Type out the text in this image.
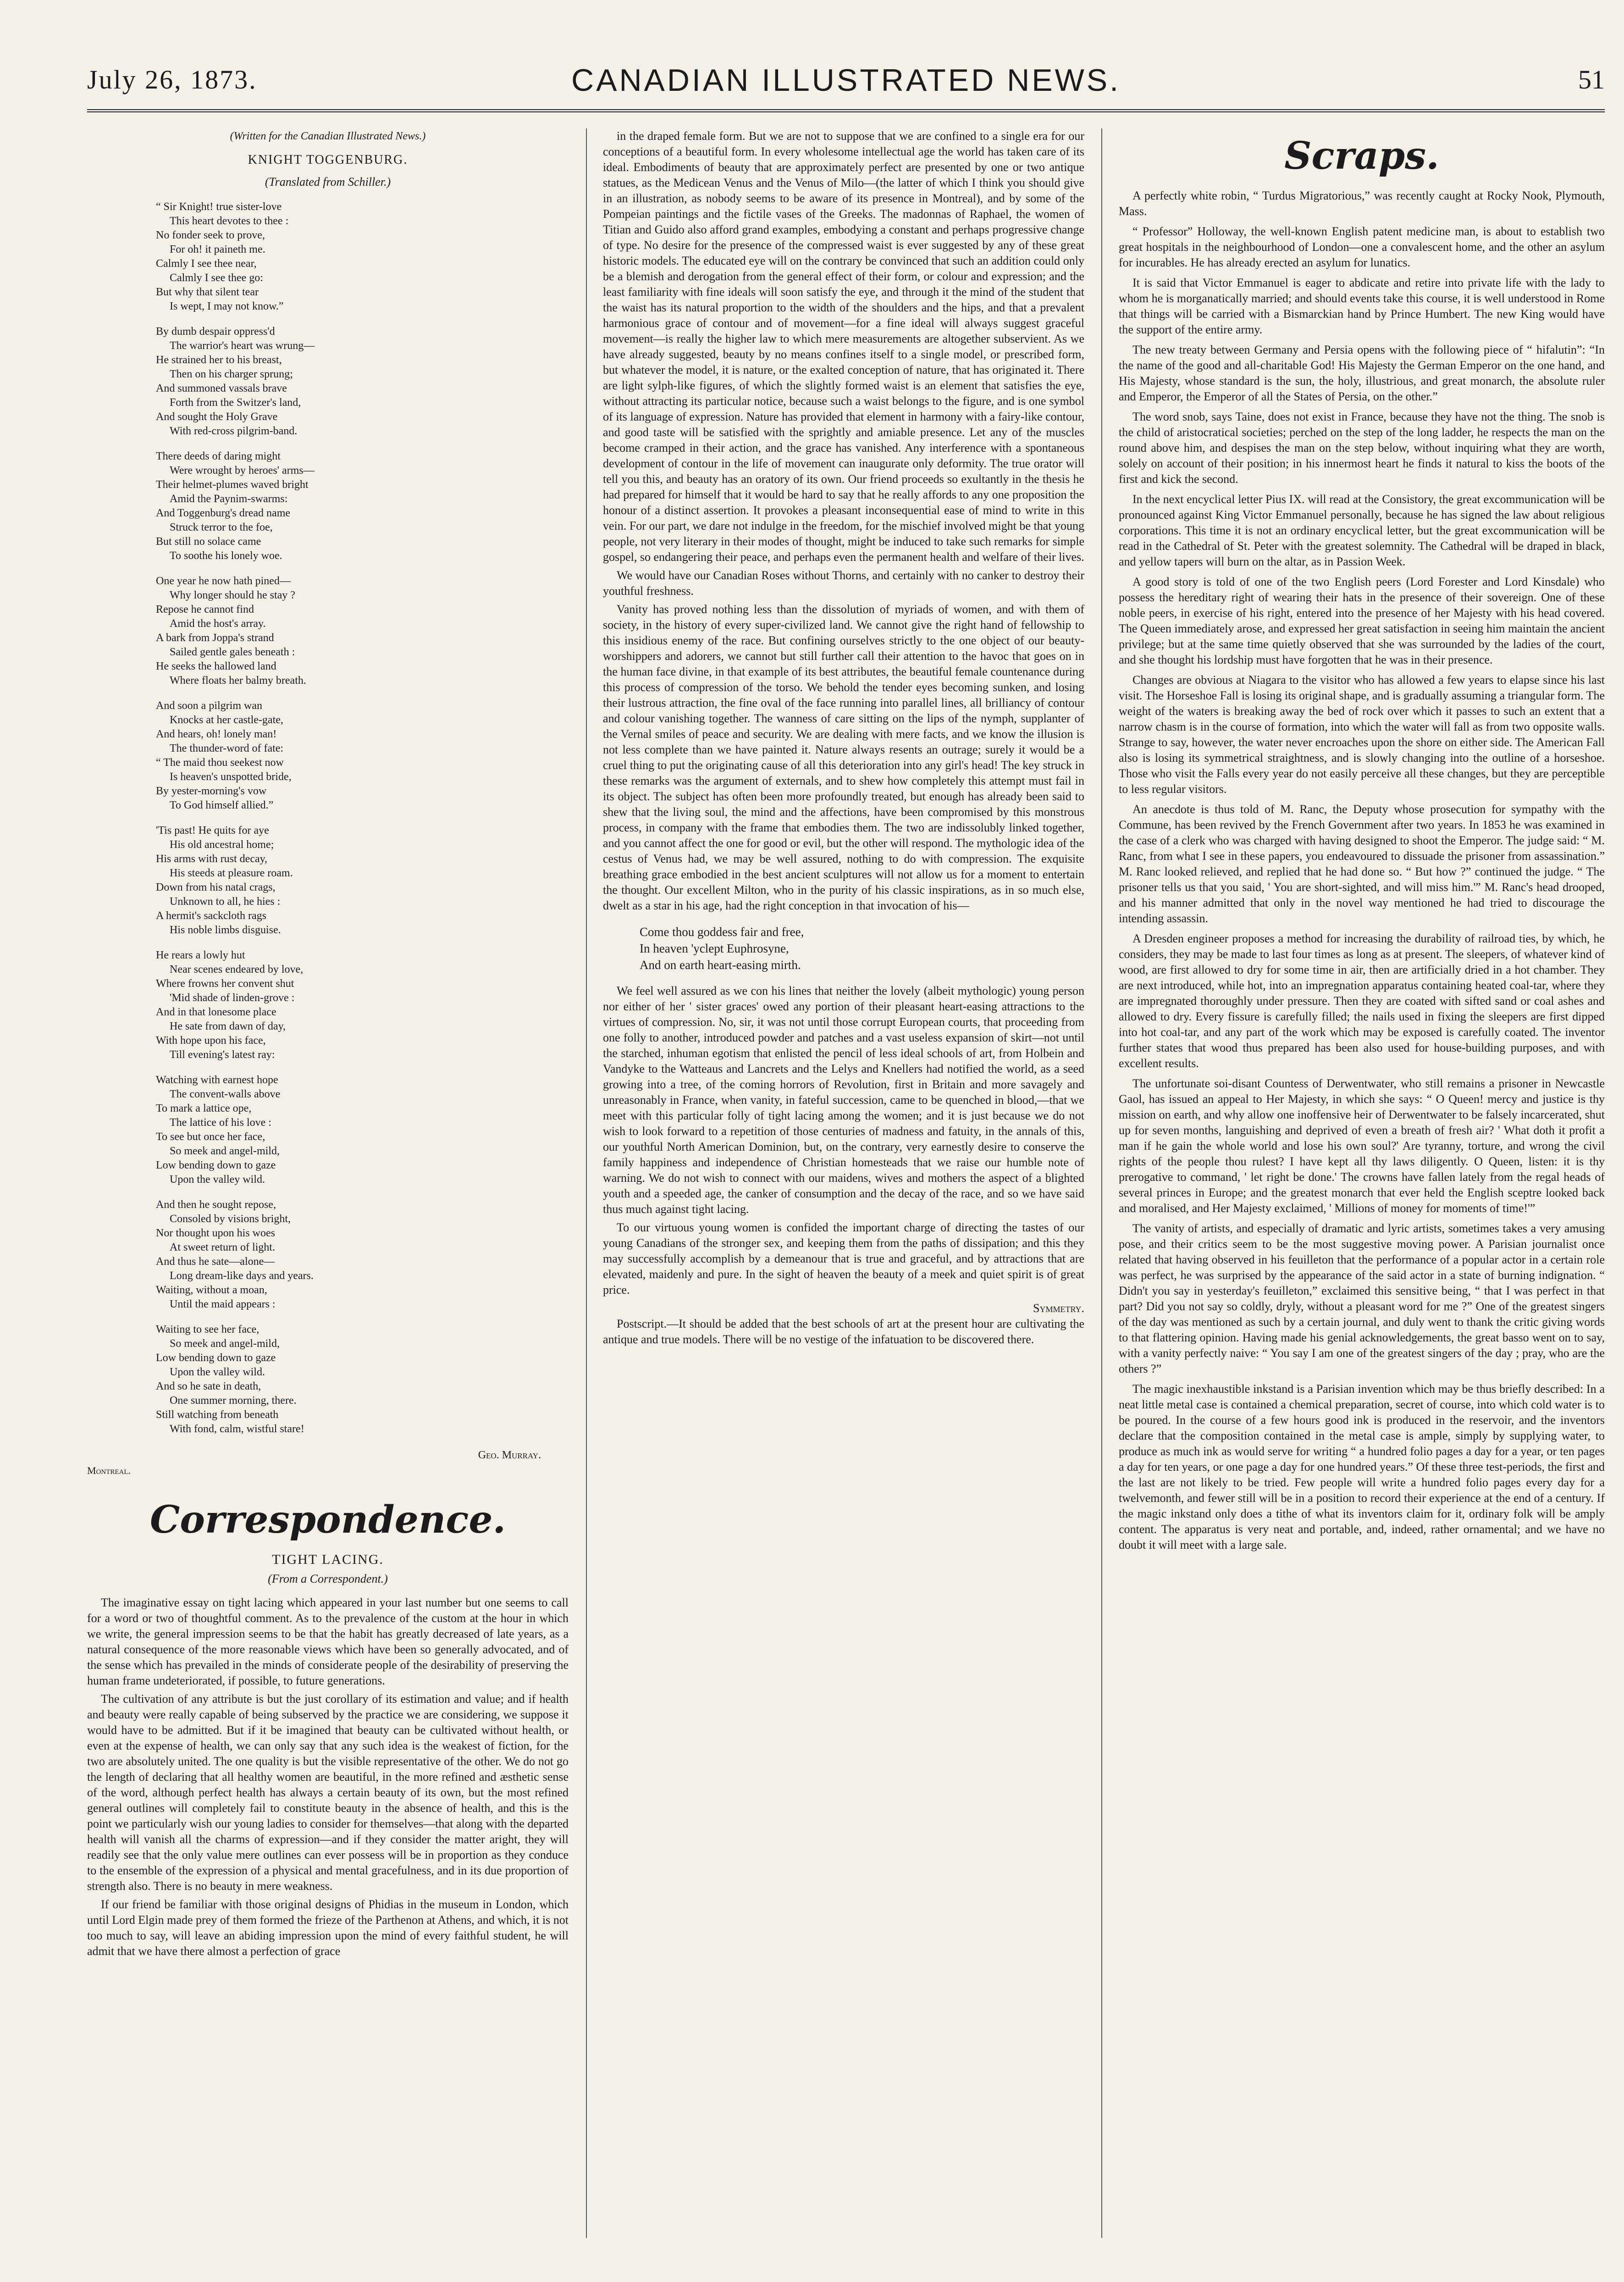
July 26, 1873.	CANADIAN ILLUSTRATED NEWS.	51
(Written for the Canadian Illustrated News.)
KNIGHT TOGGENBURG.
(Translated from Schiller.)
“ Sir Knight! true sister-love
This heart devotes to thee :
No fonder seek to prove,
For oh! it paineth me.
Calmly I see thee near,
Calmly I see thee go:
But why that silent tear
Is wept, I may not know.”
By dumb despair oppress'd
The warrior's heart was wrung—
He strained her to his breast,
Then on his charger sprung;
And summoned vassals brave
Forth from the Switzer's land,
And sought the Holy Grave
With red-cross pilgrim-band.
There deeds of daring might
Were wrought by heroes' arms—
Their helmet-plumes waved bright
Amid the Paynim-swarms:
And Toggenburg's dread name
Struck terror to the foe,
But still no solace came
To soothe his lonely woe.
One year he now hath pined—
Why longer should he stay ?
Repose he cannot find
Amid the host's array.
A bark from Joppa's strand
Sailed gentle gales beneath :
He seeks the hallowed land
Where floats her balmy breath.
And soon a pilgrim wan
Knocks at her castle-gate,
And hears, oh! lonely man!
The thunder-word of fate:
“ The maid thou seekest now
Is heaven's unspotted bride,
By yester-morning's vow
To God himself allied.”
'Tis past! He quits for aye
His old ancestral home;
His arms with rust decay,
His steeds at pleasure roam.
Down from his natal crags,
Unknown to all, he hies :
A hermit's sackcloth rags
His noble limbs disguise.
He rears a lowly hut
Near scenes endeared by love,
Where frowns her convent shut
'Mid shade of linden-grove :
And in that lonesome place
He sate from dawn of day,
With hope upon his face,
Till evening's latest ray:
Watching with earnest hope
The convent-walls above
To mark a lattice ope,
The lattice of his love :
To see but once her face,
So meek and angel-mild,
Low bending down to gaze
Upon the valley wild.
And then he sought repose,
Consoled by visions bright,
Nor thought upon his woes
At sweet return of light.
And thus he sate—alone—
Long dream-like days and years.
Waiting, without a moan,
Until the maid appears :
Waiting to see her face,
So meek and angel-mild,
Low bending down to gaze
Upon the valley wild.
And so he sate in death,
One summer morning, there.
Still watching from beneath
With fond, calm, wistful stare!
Geo. Murray.
Montreal.
Correspondence.
TIGHT LACING.
(From a Correspondent.)

The imaginative essay on tight lacing which appeared in your last number but one seems to call for a word or two of thoughtful comment. As to the prevalence of the custom at the hour in which we write, the general impression seems to be that the habit has greatly decreased of late years, as a natural consequence of the more reasonable views which have been so generally advocated, and of the sense which has prevailed in the minds of considerate people of the desirability of preserving the human frame undeteriorated, if possible, to future generations.

The cultivation of any attribute is but the just corollary of its estimation and value; and if health and beauty were really capable of being subserved by the practice we are considering, we suppose it would have to be admitted. But if it be imagined that beauty can be cultivated without health, or even at the expense of health, we can only say that any such idea is the weakest of fiction, for the two are absolutely united. The one quality is but the visible representative of the other. We do not go the length of declaring that all healthy women are beautiful, in the more refined and æsthetic sense of the word, although perfect health has always a certain beauty of its own, but the most refined general outlines will completely fail to constitute beauty in the absence of health, and this is the point we particularly wish our young ladies to consider for themselves—that along with the departed health will vanish all the charms of expression—and if they consider the matter aright, they will readily see that the only value mere outlines can ever possess will be in proportion as they conduce to the ensemble of the expression of a physical and mental gracefulness, and in its due proportion of strength also. There is no beauty in mere weakness.

If our friend be familiar with those original designs of Phidias in the museum in London, which until Lord Elgin made prey of them formed the frieze of the Parthenon at Athens, and which, it is not too much to say, will leave an abiding impression upon the mind of every faithful student, he will admit that we have there almost a perfection of grace

in the draped female form. But we are not to suppose that we are confined to a single era for our conceptions of a beautiful form. In every wholesome intellectual age the world has taken care of its ideal. Embodiments of beauty that are approximately perfect are presented by one or two antique statues, as the Medicean Venus and the Venus of Milo—(the latter of which I think you should give in an illustration, as nobody seems to be aware of its presence in Montreal), and by some of the Pompeian paintings and the fictile vases of the Greeks. The madonnas of Raphael, the women of Titian and Guido also afford grand examples, embodying a constant and perhaps progressive change of type. No desire for the presence of the compressed waist is ever suggested by any of these great historic models. The educated eye will on the contrary be convinced that such an addition could only be a blemish and derogation from the general effect of their form, or colour and expression; and the least familiarity with fine ideals will soon satisfy the eye, and through it the mind of the student that the waist has its natural proportion to the width of the shoulders and the hips, and that a prevalent harmonious grace of contour and of movement—for a fine ideal will always suggest graceful movement—is really the higher law to which mere measurements are altogether subservient. As we have already suggested, beauty by no means confines itself to a single model, or prescribed form, but whatever the model, it is nature, or the exalted conception of nature, that has originated it. There are light sylph-like figures, of which the slightly formed waist is an element that satisfies the eye, without attracting its particular notice, because such a waist belongs to the figure, and is one symbol of its language of expression. Nature has provided that element in harmony with a fairy-like contour, and good taste will be satisfied with the sprightly and amiable presence. Let any of the muscles become cramped in their action, and the grace has vanished. Any interference with a spontaneous development of contour in the life of movement can inaugurate only deformity. The true orator will tell you this, and beauty has an oratory of its own. Our friend proceeds so exultantly in the thesis he had prepared for himself that it would be hard to say that he really affords to any one proposition the honour of a distinct assertion. It provokes a pleasant inconsequential ease of mind to write in this vein. For our part, we dare not indulge in the freedom, for the mischief involved might be that young people, not very literary in their modes of thought, might be induced to take such remarks for simple gospel, so endangering their peace, and perhaps even the permanent health and welfare of their lives.

We would have our Canadian Roses without Thorns, and certainly with no canker to destroy their youthful freshness.

Vanity has proved nothing less than the dissolution of myriads of women, and with them of society, in the history of every super-civilized land. We cannot give the right hand of fellowship to this insidious enemy of the race. But confining ourselves strictly to the one object of our beauty-worshippers and adorers, we cannot but still further call their attention to the havoc that goes on in the human face divine, in that example of its best attributes, the beautiful female countenance during this process of compression of the torso. We behold the tender eyes becoming sunken, and losing their lustrous attraction, the fine oval of the face running into parallel lines, all brilliancy of contour and colour vanishing together. The wanness of care sitting on the lips of the nymph, supplanter of the Vernal smiles of peace and security. We are dealing with mere facts, and we know the illusion is not less complete than we have painted it. Nature always resents an outrage; surely it would be a cruel thing to put the originating cause of all this deterioration into any girl's head! The key struck in these remarks was the argument of externals, and to shew how completely this attempt must fail in its object. The subject has often been more profoundly treated, but enough has already been said to shew that the living soul, the mind and the affections, have been compromised by this monstrous process, in company with the frame that embodies them. The two are indissolubly linked together, and you cannot affect the one for good or evil, but the other will respond. The mythologic idea of the cestus of Venus had, we may be well assured, nothing to do with compression. The exquisite breathing grace embodied in the best ancient sculptures will not allow us for a moment to entertain the thought. Our excellent Milton, who in the purity of his classic inspirations, as in so much else, dwelt as a star in his age, had the right conception in that invocation of his—

Come thou goddess fair and free,
In heaven 'yclept Euphrosyne,
And on earth heart-easing mirth.

We feel well assured as we con his lines that neither the lovely (albeit mythologic) young person nor either of her ' sister graces' owed any portion of their pleasant heart-easing attractions to the virtues of compression. No, sir, it was not until those corrupt European courts, that proceeding from one folly to another, introduced powder and patches and a vast useless expansion of skirt—not until the starched, inhuman egotism that enlisted the pencil of less ideal schools of art, from Holbein and Vandyke to the Watteaus and Lancrets and the Lelys and Knellers had notified the world, as a seed growing into a tree, of the coming horrors of Revolution, first in Britain and more savagely and unreasonably in France, when vanity, in fateful succession, came to be quenched in blood,—that we meet with this particular folly of tight lacing among the women; and it is just because we do not wish to look forward to a repetition of those centuries of madness and fatuity, in the annals of this, our youthful North American Dominion, but, on the contrary, very earnestly desire to conserve the family happiness and independence of Christian homesteads that we raise our humble note of warning. We do not wish to connect with our maidens, wives and mothers the aspect of a blighted youth and a speeded age, the canker of consumption and the decay of the race, and so we have said thus much against tight lacing.

To our virtuous young women is confided the important charge of directing the tastes of our young Canadians of the stronger sex, and keeping them from the paths of dissipation; and this they may successfully accomplish by a demeanour that is true and graceful, and by attractions that are elevated, maidenly and pure. In the sight of heaven the beauty of a meek and quiet spirit is of great price.

Symmetry.

Postscript.—It should be added that the best schools of art at the present hour are cultivating the antique and true models. There will be no vestige of the infatuation to be discovered there.

Scraps.

A perfectly white robin, “ Turdus Migratorious,” was recently caught at Rocky Nook, Plymouth, Mass.

“ Professor” Holloway, the well-known English patent medicine man, is about to establish two great hospitals in the neighbourhood of London—one a convalescent home, and the other an asylum for incurables. He has already erected an asylum for lunatics.

It is said that Victor Emmanuel is eager to abdicate and retire into private life with the lady to whom he is morganatically married; and should events take this course, it is well understood in Rome that things will be carried with a Bismarckian hand by Prince Humbert. The new King would have the support of the entire army.

The new treaty between Germany and Persia opens with the following piece of “ hifalutin”: “In the name of the good and all-charitable God! His Majesty the German Emperor on the one hand, and His Majesty, whose standard is the sun, the holy, illustrious, and great monarch, the absolute ruler and Emperor, the Emperor of all the States of Persia, on the other.”

The word snob, says Taine, does not exist in France, because they have not the thing. The snob is the child of aristocratical societies; perched on the step of the long ladder, he respects the man on the round above him, and despises the man on the step below, without inquiring what they are worth, solely on account of their position; in his innermost heart he finds it natural to kiss the boots of the first and kick the second.

In the next encyclical letter Pius IX. will read at the Consistory, the great excommunication will be pronounced against King Victor Emmanuel personally, because he has signed the law about religious corporations. This time it is not an ordinary encyclical letter, but the great excommunication will be read in the Cathedral of St. Peter with the greatest solemnity. The Cathedral will be draped in black, and yellow tapers will burn on the altar, as in Passion Week.

A good story is told of one of the two English peers (Lord Forester and Lord Kinsdale) who possess the hereditary right of wearing their hats in the presence of their sovereign. One of these noble peers, in exercise of his right, entered into the presence of her Majesty with his head covered. The Queen immediately arose, and expressed her great satisfaction in seeing him maintain the ancient privilege; but at the same time quietly observed that she was surrounded by the ladies of the court, and she thought his lordship must have forgotten that he was in their presence.

Changes are obvious at Niagara to the visitor who has allowed a few years to elapse since his last visit. The Horseshoe Fall is losing its original shape, and is gradually assuming a triangular form. The weight of the waters is breaking away the bed of rock over which it passes to such an extent that a narrow chasm is in the course of formation, into which the water will fall as from two opposite walls. Strange to say, however, the water never encroaches upon the shore on either side. The American Fall also is losing its symmetrical straightness, and is slowly changing into the outline of a horseshoe. Those who visit the Falls every year do not easily perceive all these changes, but they are perceptible to less regular visitors.

An anecdote is thus told of M. Ranc, the Deputy whose prosecution for sympathy with the Commune, has been revived by the French Government after two years. In 1853 he was examined in the case of a clerk who was charged with having designed to shoot the Emperor. The judge said: “ M. Ranc, from what I see in these papers, you endeavoured to dissuade the prisoner from assassination.” M. Ranc looked relieved, and replied that he had done so. “ But how ?” continued the judge. “ The prisoner tells us that you said, ' You are short-sighted, and will miss him.'” M. Ranc's head drooped, and his manner admitted that only in the novel way mentioned he had tried to discourage the intending assassin.

A Dresden engineer proposes a method for increasing the durability of railroad ties, by which, he considers, they may be made to last four times as long as at present. The sleepers, of whatever kind of wood, are first allowed to dry for some time in air, then are artificially dried in a hot chamber. They are next introduced, while hot, into an impregnation apparatus containing heated coal-tar, where they are impregnated thoroughly under pressure. Then they are coated with sifted sand or coal ashes and allowed to dry. Every fissure is carefully filled; the nails used in fixing the sleepers are first dipped into hot coal-tar, and any part of the work which may be exposed is carefully coated. The inventor further states that wood thus prepared has been also used for house-building purposes, and with excellent results.

The unfortunate soi-disant Countess of Derwentwater, who still remains a prisoner in Newcastle Gaol, has issued an appeal to Her Majesty, in which she says: “ O Queen! mercy and justice is thy mission on earth, and why allow one inoffensive heir of Derwentwater to be falsely incarcerated, shut up for seven months, languishing and deprived of even a breath of fresh air? ' What doth it profit a man if he gain the whole world and lose his own soul?' Are tyranny, torture, and wrong the civil rights of the people thou rulest? I have kept all thy laws diligently. O Queen, listen: it is thy prerogative to command, ' let right be done.' The crowns have fallen lately from the regal heads of several princes in Europe; and the greatest monarch that ever held the English sceptre looked back and moralised, and Her Majesty exclaimed, ' Millions of money for moments of time!'”

The vanity of artists, and especially of dramatic and lyric artists, sometimes takes a very amusing pose, and their critics seem to be the most suggestive moving power. A Parisian journalist once related that having observed in his feuilleton that the performance of a popular actor in a certain role was perfect, he was surprised by the appearance of the said actor in a state of burning indignation. “ Didn't you say in yesterday's feuilleton,” exclaimed this sensitive being, “ that I was perfect in that part? Did you not say so coldly, dryly, without a pleasant word for me ?” One of the greatest singers of the day was mentioned as such by a certain journal, and duly went to thank the critic giving words to that flattering opinion. Having made his genial acknowledgements, the great basso went on to say, with a vanity perfectly naive: “ You say I am one of the greatest singers of the day ; pray, who are the others ?”

The magic inexhaustible inkstand is a Parisian invention which may be thus briefly described: In a neat little metal case is contained a chemical preparation, secret of course, into which cold water is to be poured. In the course of a few hours good ink is produced in the reservoir, and the inventors declare that the composition contained in the metal case is ample, simply by supplying water, to produce as much ink as would serve for writing “ a hundred folio pages a day for a year, or ten pages a day for ten years, or one page a day for one hundred years.” Of these three test-periods, the first and the last are not likely to be tried. Few people will write a hundred folio pages every day for a twelvemonth, and fewer still will be in a position to record their experience at the end of a century. If the magic inkstand only does a tithe of what its inventors claim for it, ordinary folk will be amply content. The apparatus is very neat and portable, and, indeed, rather ornamental; and we have no doubt it will meet with a large sale.
